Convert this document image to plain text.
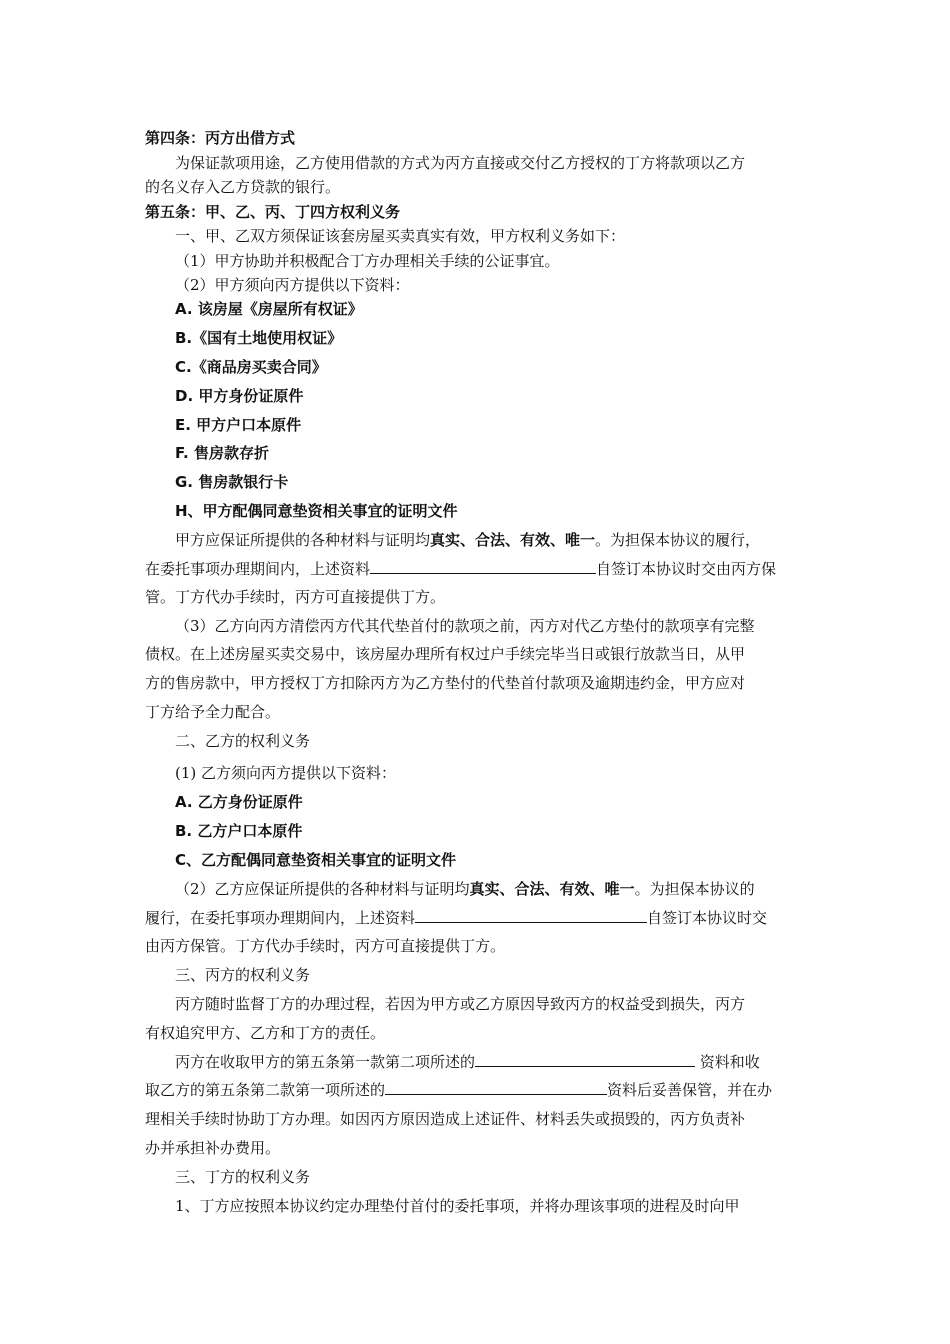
第四条：丙方出借方式
为保证款项用途，乙方使用借款的方式为丙方直接或交付乙方授权的丁方将款项以乙方
的名义存入乙方贷款的银行。
第五条：甲、乙、丙、丁四方权利义务
一、甲、乙双方须保证该套房屋买卖真实有效，甲方权利义务如下：
（1）甲方协助并积极配合丁方办理相关手续的公证事宜。
（2）甲方须向丙方提供以下资料：
A. 该房屋《房屋所有权证》
B.《国有土地使用权证》
C.《商品房买卖合同》
D. 甲方身份证原件
E. 甲方户口本原件
F. 售房款存折
G. 售房款银行卡
H、甲方配偶同意垫资相关事宜的证明文件
甲方应保证所提供的各种材料与证明均真实、合法、有效、唯一。为担保本协议的履行，
在委托事项办理期间内，上述资料	自签订本协议时交由丙方保
管。丁方代办手续时，丙方可直接提供丁方。
（3）乙方向丙方清偿丙方代其代垫首付的款项之前，丙方对代乙方垫付的款项享有完整
债权。在上述房屋买卖交易中，该房屋办理所有权过户手续完毕当日或银行放款当日，从甲
方的售房款中，甲方授权丁方扣除丙方为乙方垫付的代垫首付款项及逾期违约金，甲方应对
丁方给予全力配合。
二、乙方的权利义务
(1) 乙方须向丙方提供以下资料：
A. 乙方身份证原件
B. 乙方户口本原件
C、乙方配偶同意垫资相关事宜的证明文件
（2）乙方应保证所提供的各种材料与证明均真实、合法、有效、唯一。为担保本协议的
履行，在委托事项办理期间内，上述资料	自签订本协议时交
由丙方保管。丁方代办手续时，丙方可直接提供丁方。
三、丙方的权利义务
丙方随时监督丁方的办理过程，若因为甲方或乙方原因导致丙方的权益受到损失，丙方
有权追究甲方、乙方和丁方的责任。
丙方在收取甲方的第五条第一款第二项所述的	资料和收
取乙方的第五条第二款第一项所述的	资料后妥善保管，并在办
理相关手续时协助丁方办理。如因丙方原因造成上述证件、材料丢失或损毁的，丙方负责补
办并承担补办费用。
三、丁方的权利义务
1、丁方应按照本协议约定办理垫付首付的委托事项，并将办理该事项的进程及时向甲
